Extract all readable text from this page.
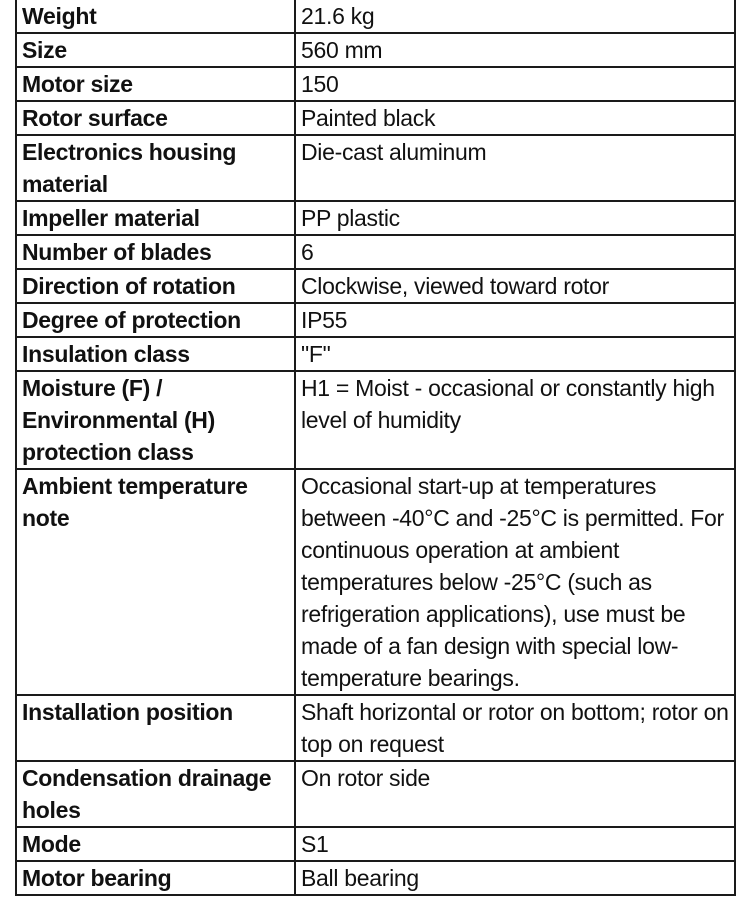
Weight	21.6 kg
Size	560 mm
Motor size	150
Rotor surface	Painted black
Electronics housing material	Die-cast aluminum
Impeller material	PP plastic
Number of blades	6
Direction of rotation	Clockwise, viewed toward rotor
Degree of protection	IP55
Insulation class	"F"
Moisture (F) / Environmental (H) protection class	H1 = Moist - occasional or constantly high level of humidity
Ambient temperature note	Occasional start-up at temperatures between -40°C and -25°C is permitted. For continuous operation at ambient temperatures below -25°C (such as refrigeration applications), use must be made of a fan design with special low-temperature bearings.
Installation position	Shaft horizontal or rotor on bottom; rotor on top on request
Condensation drainage holes	On rotor side
Mode	S1
Motor bearing	Ball bearing
